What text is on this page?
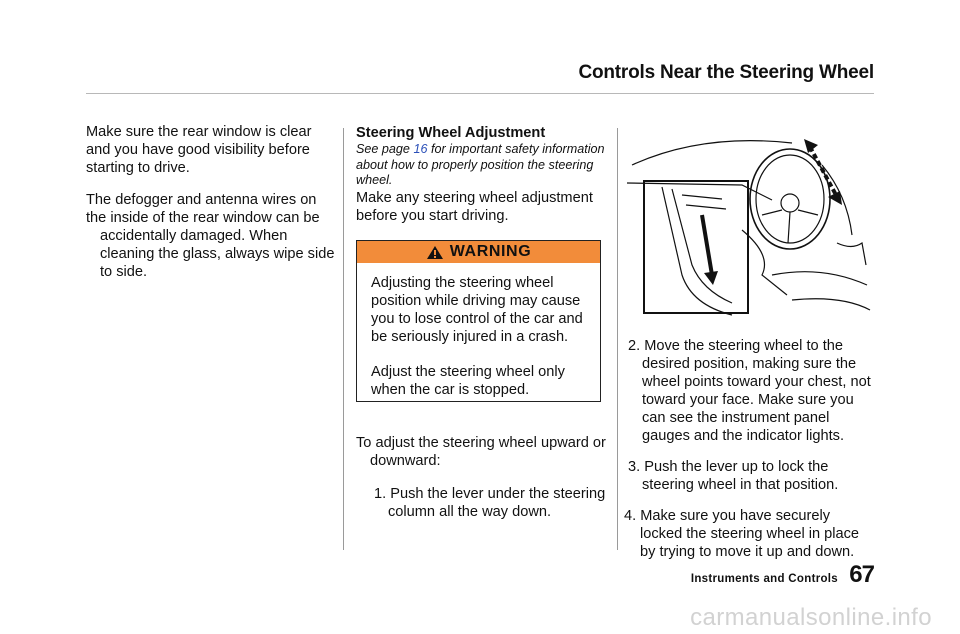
Controls Near the Steering Wheel

Make sure the rear window is clear and you have good visibility before starting to drive.

The defogger and antenna wires on the inside of the rear window can be
accidentally damaged. When cleaning the glass, always wipe side to side.

Steering Wheel Adjustment
See page 16 for important safety information about how to properly position the steering wheel.
Make any steering wheel adjustment before you start driving.
WARNING

Adjusting the steering wheel position while driving may cause you to lose control of the car and be seriously injured in a crash.

Adjust the steering wheel only when the car is stopped.

To adjust the steering wheel upward or downward:
1. Push the lever under the steering column all the way down.

2. Move the steering wheel to the desired position, making sure the wheel points toward your chest, not toward your face. Make sure you can see the instrument panel gauges and the indicator lights.

3. Push the lever up to lock the steering wheel in that position.

4. Make sure you have securely locked the steering wheel in place by trying to move it up and down.

Instruments and Controls 67
carmanualsonline.info
